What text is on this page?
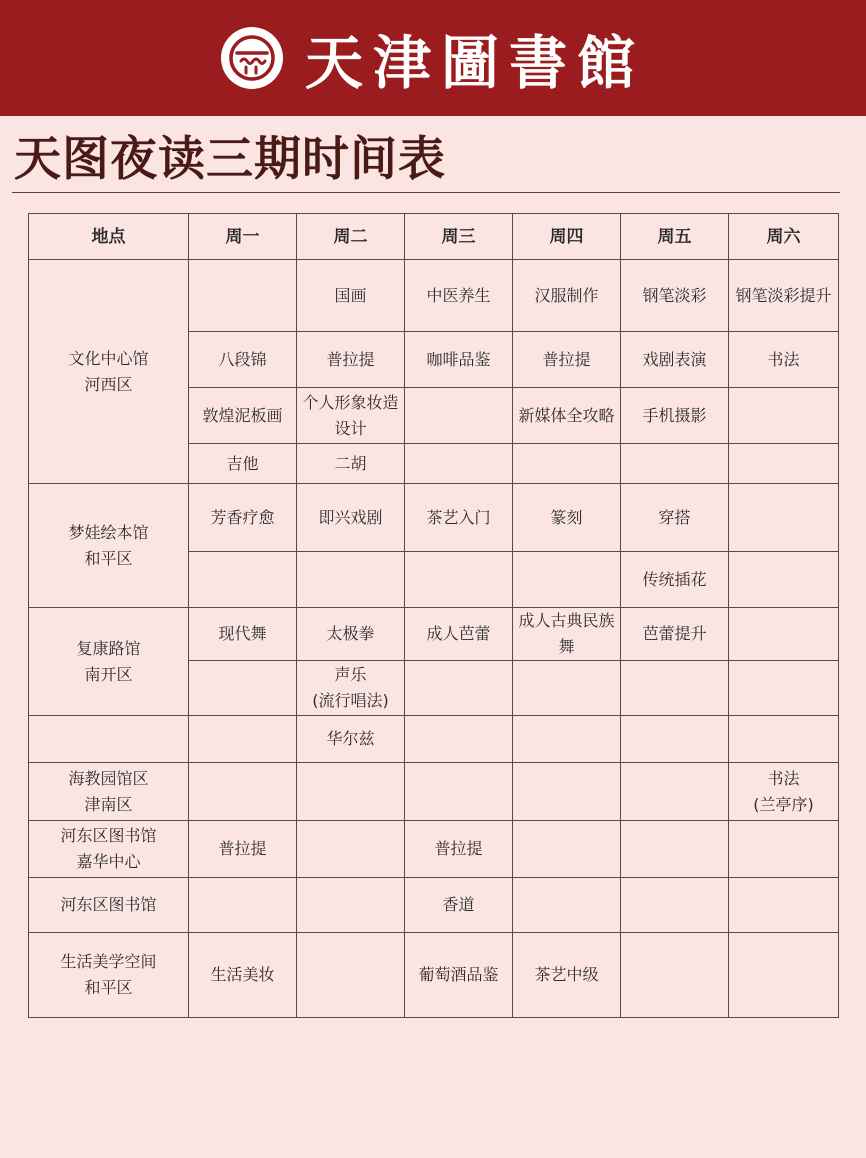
天津圖書館
天图夜读三期时间表
地点	周一	周二	周三	周四	周五	周六

文化中心馆
河西区		国画	中医养生	汉服制作	钢笔淡彩	钢笔淡彩提升
	八段锦	普拉提	咖啡品鉴	普拉提	戏剧表演	书法
	敦煌泥板画	个人形象妆造设计		新媒体全攻略	手机摄影	
	吉他	二胡				

梦娃绘本馆
和平区	芳香疗愈	即兴戏剧	茶艺入门	篆刻	穿搭	
					传统插花	

复康路馆
南开区	现代舞	太极拳	成人芭蕾	成人古典民族舞	芭蕾提升	

		声乐
(流行唱法)				

		华尔兹				

海教园馆区
津南区						书法
(兰亭序)

河东区图书馆
嘉华中心	普拉提		普拉提			

河东区图书馆			香道			

生活美学空间
和平区	生活美妆		葡萄酒品鉴	茶艺中级		
